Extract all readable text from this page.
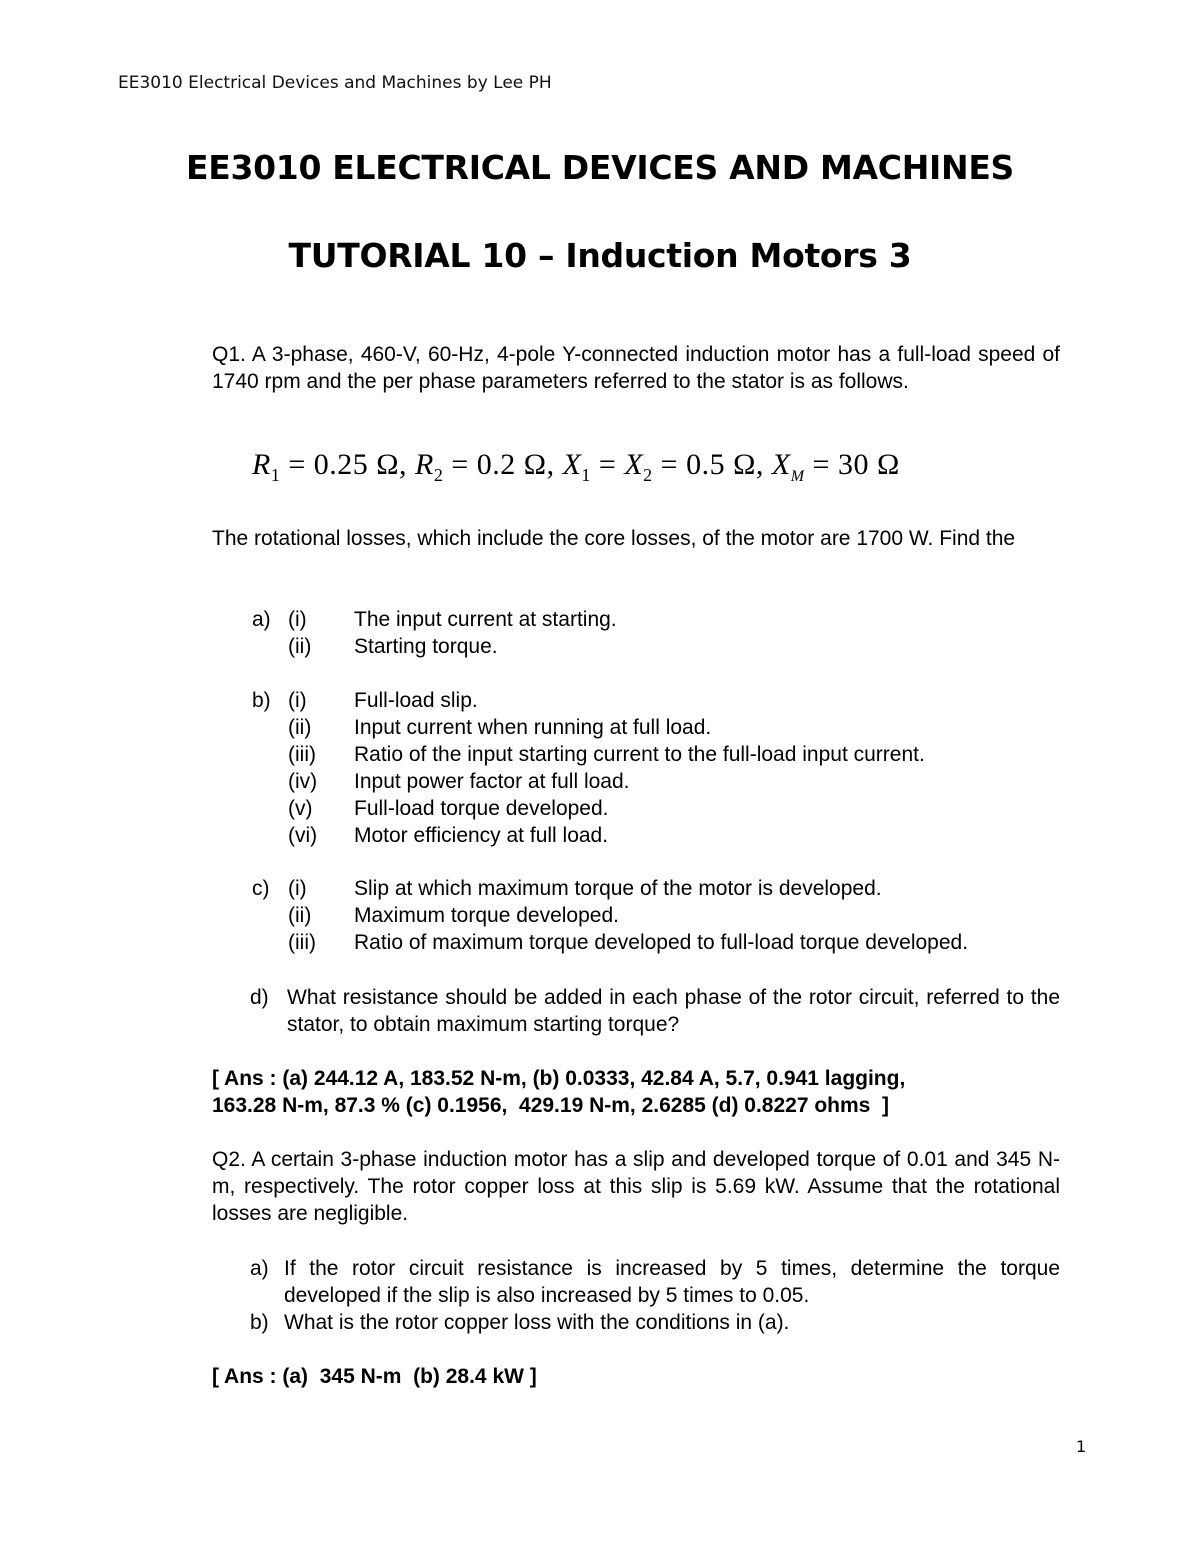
EE3010 Electrical Devices and Machines by Lee PH
EE3010 ELECTRICAL DEVICES AND MACHINES
TUTORIAL 10 – Induction Motors 3
Q1. A 3-phase, 460-V, 60-Hz, 4-pole Y-connected induction motor has a full-load speed of 1740 rpm and the per phase parameters referred to the stator is as follows.
$R_1 = 0.25$ Ω, $R_2 = 0.2$ Ω, $X_1 = X_2 = 0.5$ Ω, $X_M = 30$ Ω
The rotational losses, which include the core losses, of the motor are 1700 W. Find the
a) (i) The input current at starting.
(ii) Starting torque.
b) (i) Full-load slip.
(ii) Input current when running at full load.
(iii) Ratio of the input starting current to the full-load input current.
(iv) Input power factor at full load.
(v) Full-load torque developed.
(vi) Motor efficiency at full load.
c) (i) Slip at which maximum torque of the motor is developed.
(ii) Maximum torque developed.
(iii) Ratio of maximum torque developed to full-load torque developed.
d) What resistance should be added in each phase of the rotor circuit, referred to the stator, to obtain maximum starting torque?
[ Ans : (a) 244.12 A, 183.52 N-m, (b) 0.0333, 42.84 A, 5.7, 0.941 lagging,
163.28 N-m, 87.3 % (c) 0.1956,  429.19 N-m, 2.6285 (d) 0.8227 ohms  ]
Q2. A certain 3-phase induction motor has a slip and developed torque of 0.01 and 345 N-m, respectively. The rotor copper loss at this slip is 5.69 kW. Assume that the rotational losses are negligible.
a) If the rotor circuit resistance is increased by 5 times, determine the torque developed if the slip is also increased by 5 times to 0.05.
b) What is the rotor copper loss with the conditions in (a).
[ Ans : (a)  345 N-m  (b) 28.4 kW ]
1
